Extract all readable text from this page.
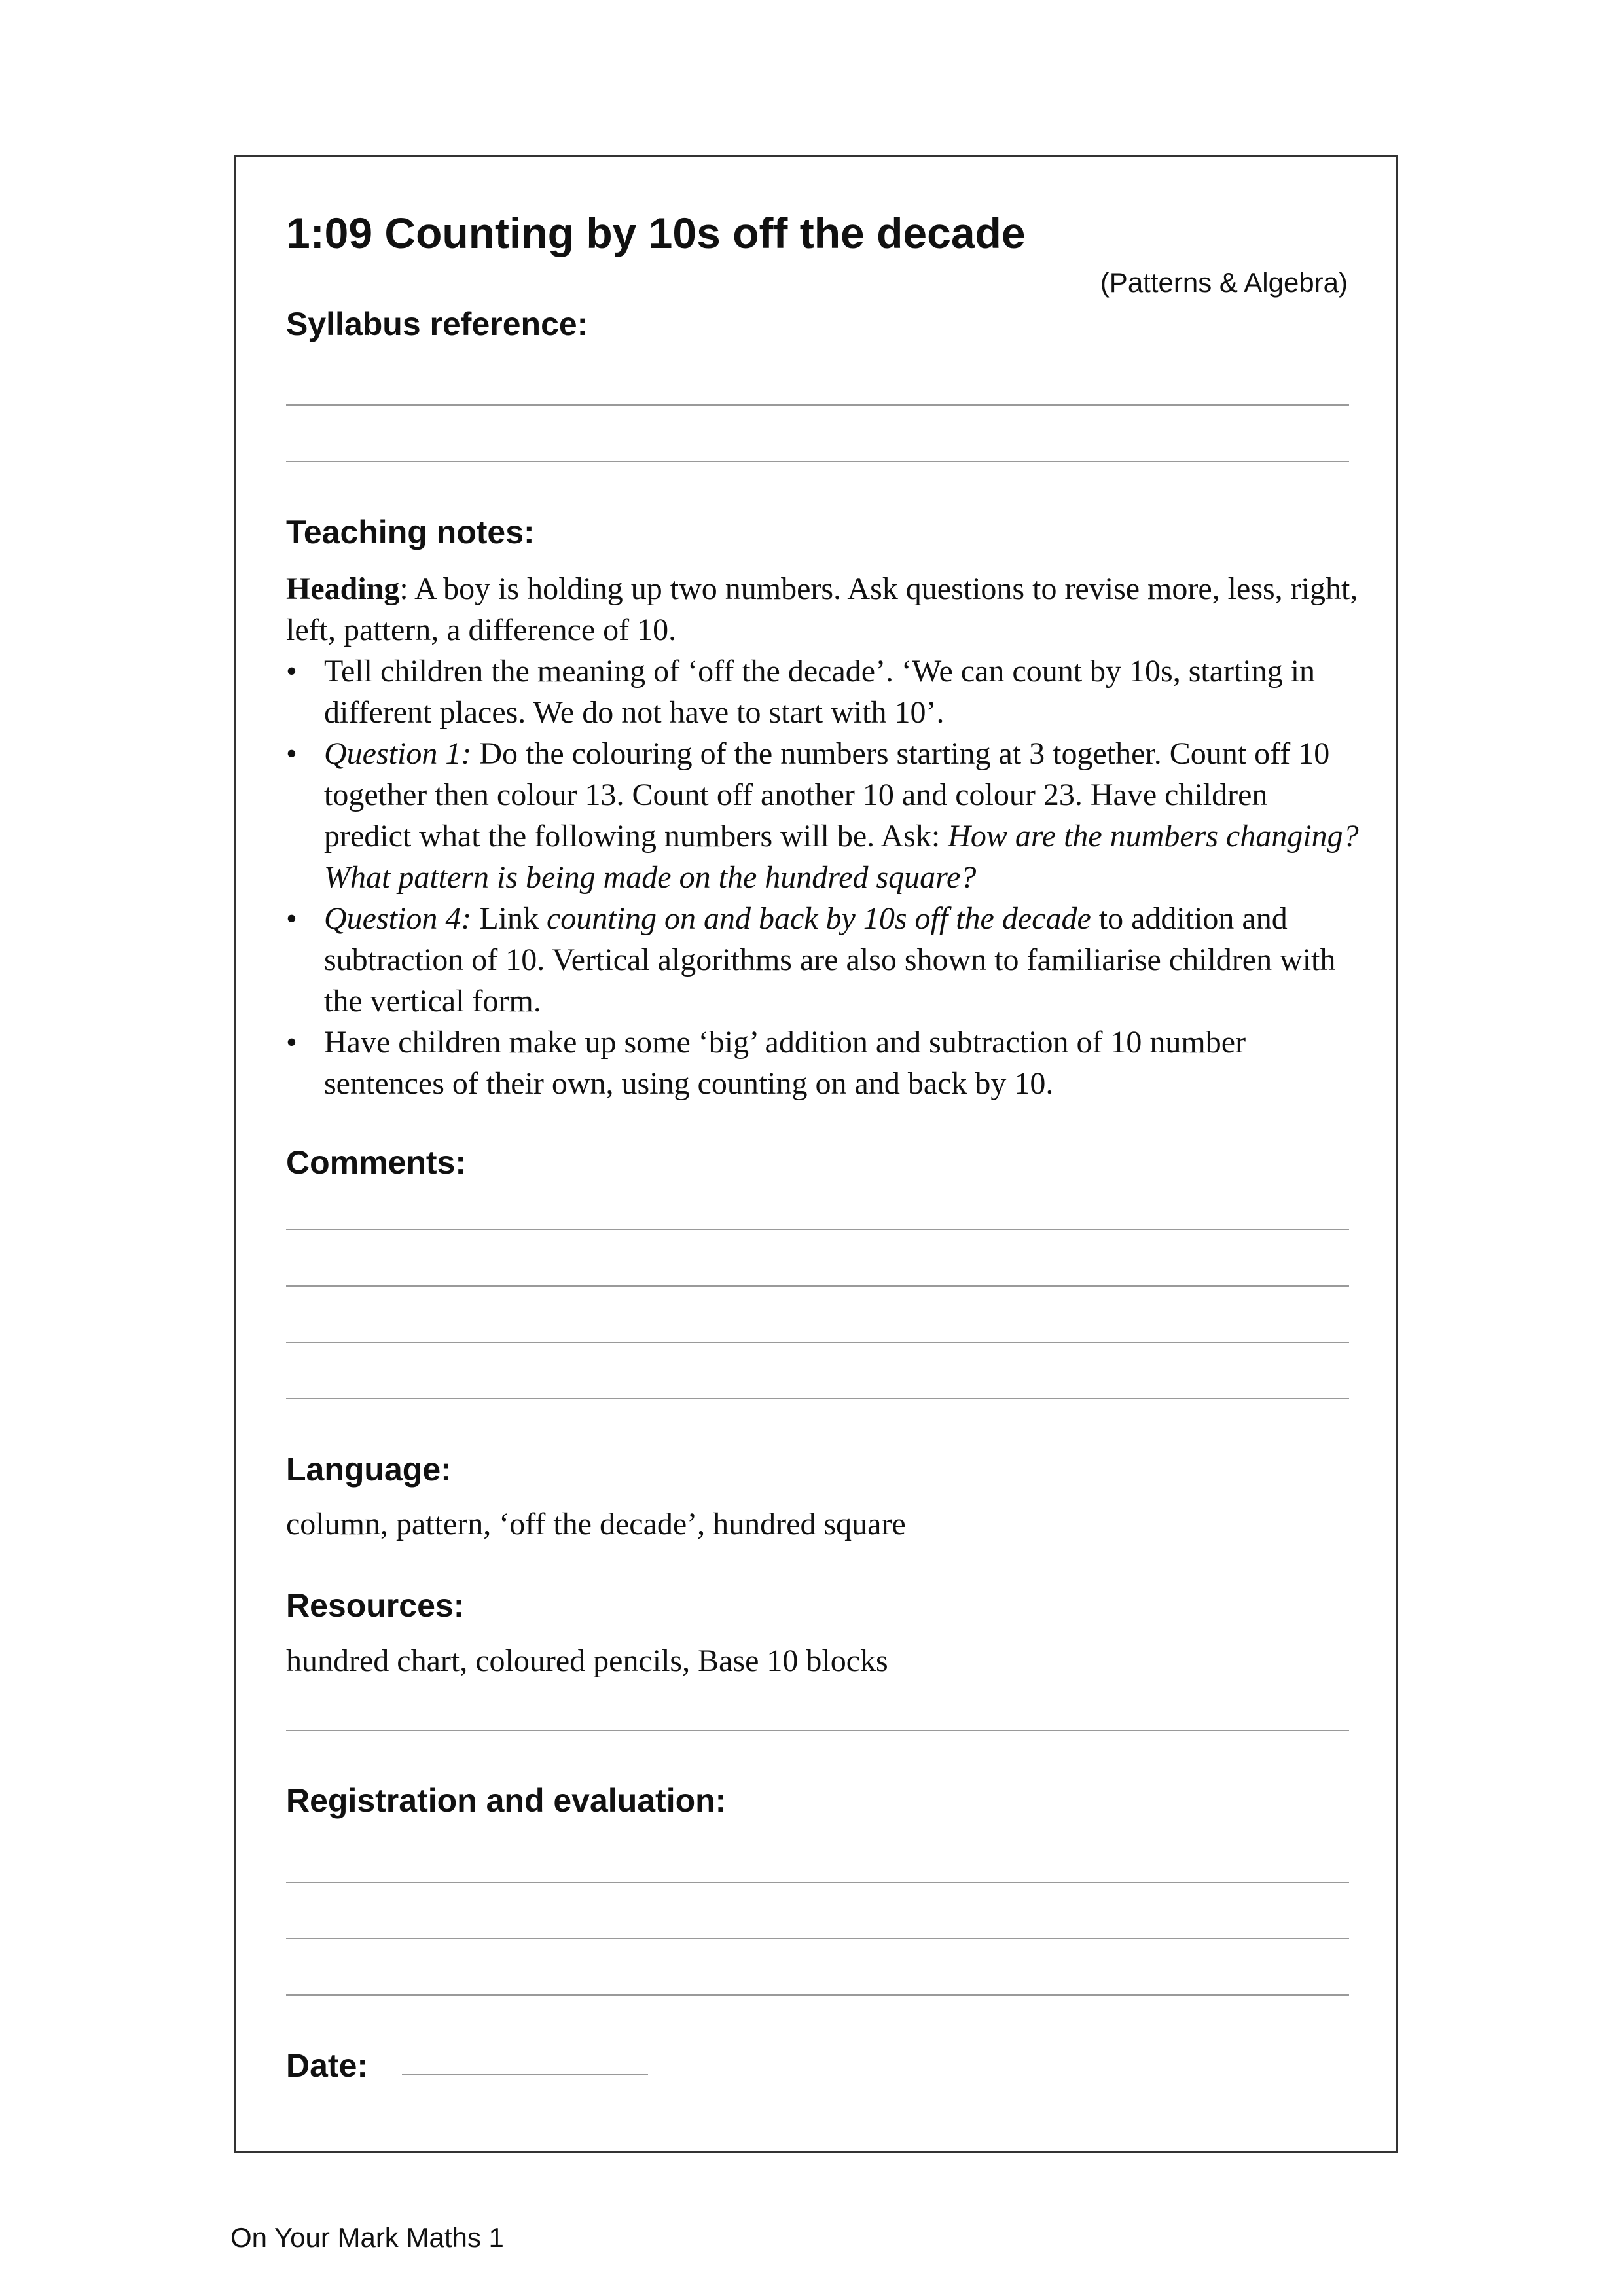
1:09 Counting by 10s off the decade
(Patterns & Algebra)
Syllabus reference:
Teaching notes:

Heading: A boy is holding up two numbers. Ask questions to revise more, less, right, left, pattern, a difference of 10.

• Tell children the meaning of ‘off the decade’. ‘We can count by 10s, starting in different places. We do not have to start with 10’.
• Question 1: Do the colouring of the numbers starting at 3 together. Count off 10 together then colour 13. Count off another 10 and colour 23. Have children predict what the following numbers will be. Ask: How are the numbers changing? What pattern is being made on the hundred square?
• Question 4: Link counting on and back by 10s off the decade to addition and subtraction of 10. Vertical algorithms are also shown to familiarise children with the vertical form.
• Have children make up some ‘big’ addition and subtraction of 10 number sentences of their own, using counting on and back by 10.
Comments:
Language:
column, pattern, ‘off the decade’, hundred square
Resources:
hundred chart, coloured pencils, Base 10 blocks
Registration and evaluation:
Date:
On Your Mark Maths 1
